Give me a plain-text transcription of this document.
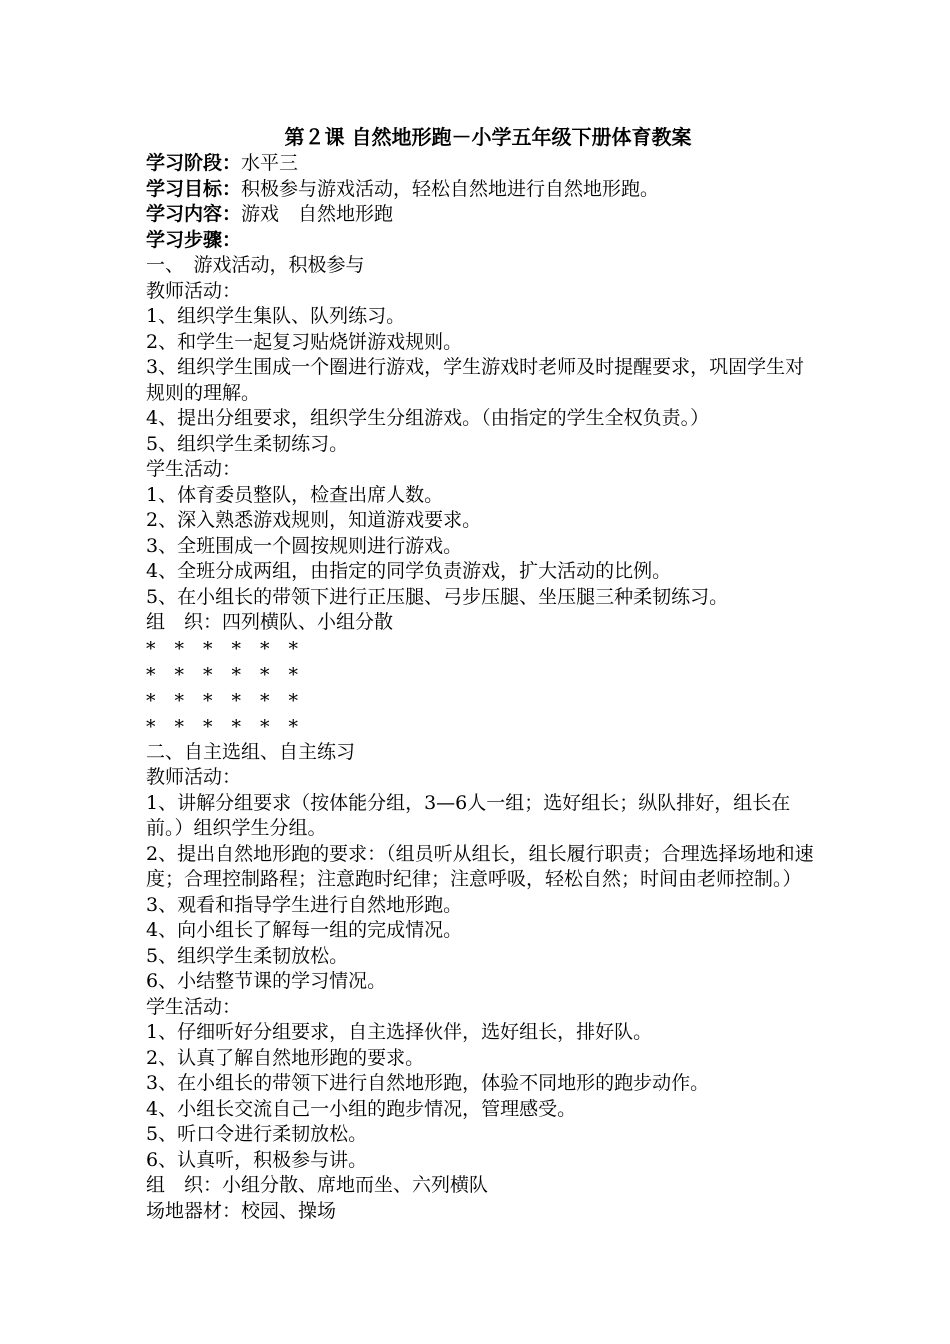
第２课 自然地形跑－小学五年级下册体育教案
学习阶段：水平三
学习目标：积极参与游戏活动，轻松自然地进行自然地形跑。
学习内容：游戏　自然地形跑
学习步骤：
一、　游戏活动，积极参与
教师活动：
1、组织学生集队、队列练习。
2、和学生一起复习贴烧饼游戏规则。
3、组织学生围成一个圈进行游戏，学生游戏时老师及时提醒要求，巩固学生对规则的理解。
4、提出分组要求，组织学生分组游戏。（由指定的学生全权负责。）
5、组织学生柔韧练习。
学生活动：
1、体育委员整队，检查出席人数。
2、深入熟悉游戏规则，知道游戏要求。
3、全班围成一个圆按规则进行游戏。
4、全班分成两组，由指定的同学负责游戏，扩大活动的比例。
5、在小组长的带领下进行正压腿、弓步压腿、坐压腿三种柔韧练习。
组　织：四列横队、小组分散
*　*　*　*　*　*
*　*　*　*　*　*
*　*　*　*　*　*
*　*　*　*　*　*
二、自主选组、自主练习
教师活动：
1、讲解分组要求（按体能分组，3—6人一组；选好组长；纵队排好，组长在前。）组织学生分组。
2、提出自然地形跑的要求：（组员听从组长，组长履行职责；合理选择场地和速度；合理控制路程；注意跑时纪律；注意呼吸，轻松自然；时间由老师控制。）
3、观看和指导学生进行自然地形跑。
4、向小组长了解每一组的完成情况。
5、组织学生柔韧放松。
6、小结整节课的学习情况。
学生活动：
1、仔细听好分组要求，自主选择伙伴，选好组长，排好队。
2、认真了解自然地形跑的要求。
3、在小组长的带领下进行自然地形跑，体验不同地形的跑步动作。
4、小组长交流自己一小组的跑步情况，管理感受。
5、听口令进行柔韧放松。
6、认真听，积极参与讲。
组　织：小组分散、席地而坐、六列横队
场地器材：校园、操场
